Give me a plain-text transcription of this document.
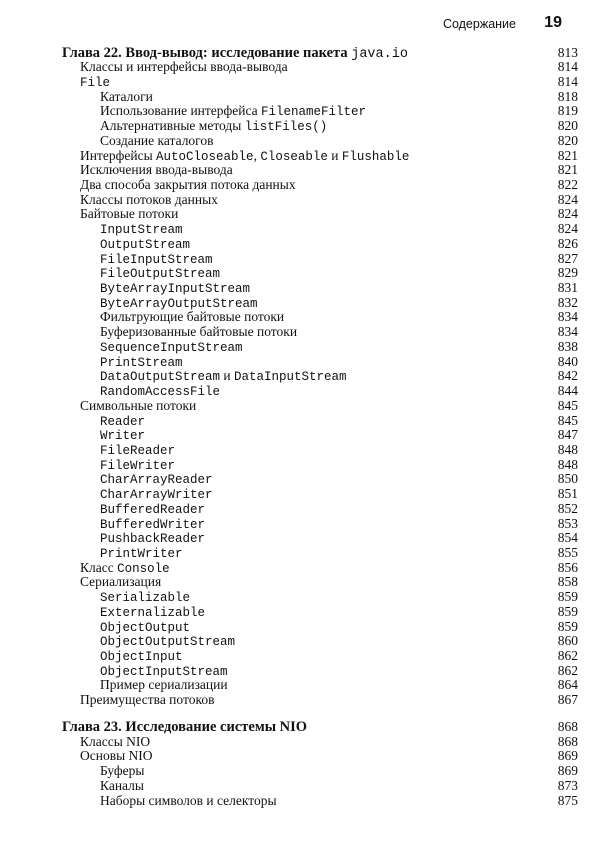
Содержание 19
Глава 22. Ввод-вывод: исследование пакета java.io	813
Классы и интерфейсы ввода-вывода	814
File	814
Каталоги	818
Использование интерфейса FilenameFilter	819
Альтернативные методы listFiles()	820
Создание каталогов	820
Интерфейсы AutoCloseable, Closeable и Flushable	821
Исключения ввода-вывода	821
Два способа закрытия потока данных	822
Классы потоков данных	824
Байтовые потоки	824
InputStream	824
OutputStream	826
FileInputStream	827
FileOutputStream	829
ByteArrayInputStream	831
ByteArrayOutputStream	832
Фильтрующие байтовые потоки	834
Буферизованные байтовые потоки	834
SequenceInputStream	838
PrintStream	840
DataOutputStream и DataInputStream	842
RandomAccessFile	844
Символьные потоки	845
Reader	845
Writer	847
FileReader	848
FileWriter	848
CharArrayReader	850
CharArrayWriter	851
BufferedReader	852
BufferedWriter	853
PushbackReader	854
PrintWriter	855
Класс Console	856
Сериализация	858
Serializable	859
Externalizable	859
ObjectOutput	859
ObjectOutputStream	860
ObjectInput	862
ObjectInputStream	862
Пример сериализации	864
Преимущества потоков	867
Глава 23. Исследование системы NIO	868
Классы NIO	868
Основы NIO	869
Буферы	869
Каналы	873
Наборы символов и селекторы	875
